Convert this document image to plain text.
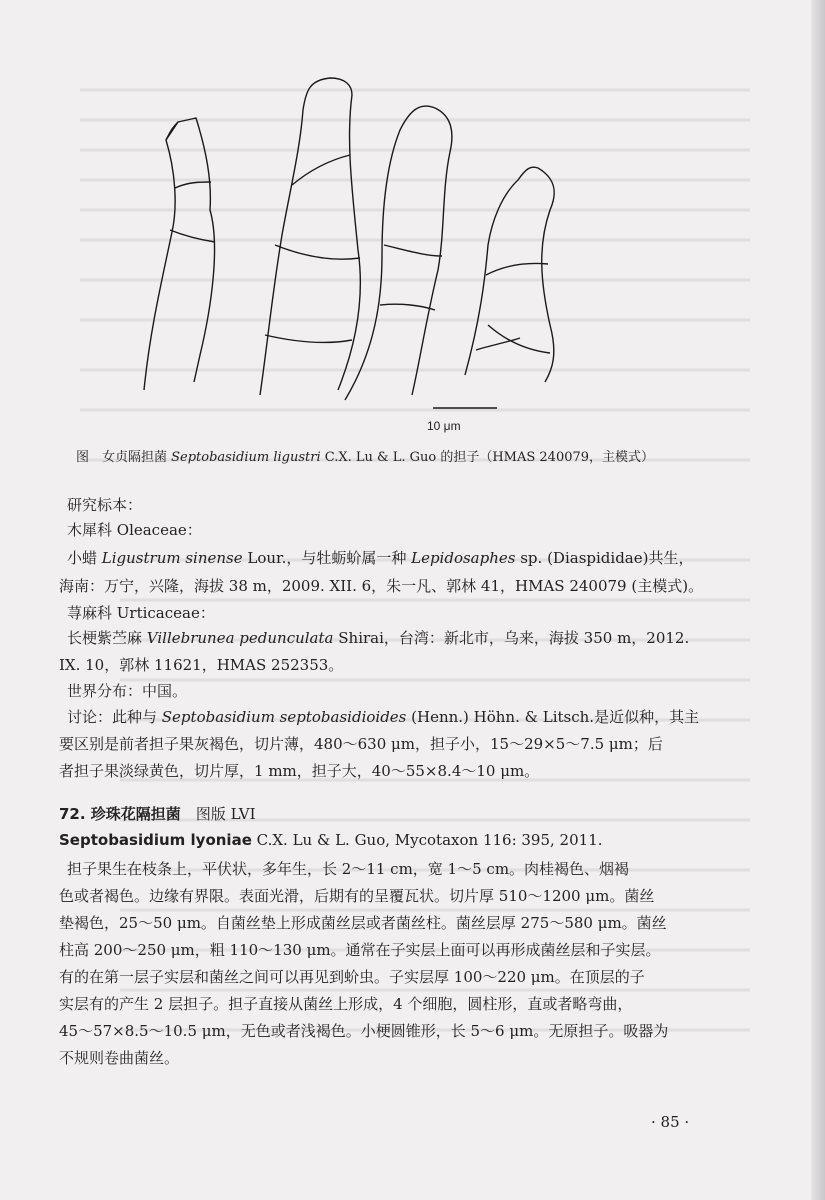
10 μm
图　女贞隔担菌 Septobasidium ligustri C.X. Lu & L. Guo 的担子（HMAS 240079，主模式）
研究标本：
木犀科 Oleaceae：
小蜡 Ligustrum sinense Lour.，与牡蛎蚧属一种 Lepidosaphes sp. (Diaspididae)共生，
海南：万宁，兴隆，海拔 38 m，2009. XII. 6，朱一凡、郭林 41，HMAS 240079 (主模式)。
荨麻科 Urticaceae：
长梗紫苎麻 Villebrunea pedunculata Shirai，台湾：新北市，乌来，海拔 350 m，2012.
IX. 10，郭林 11621，HMAS 252353。
世界分布：中国。
讨论：此种与 Septobasidium septobasidioides (Henn.) Höhn. & Litsch.是近似种，其主
要区别是前者担子果灰褐色，切片薄，480～630 μm，担子小，15～29×5～7.5 μm；后
者担子果淡绿黄色，切片厚，1 mm，担子大，40～55×8.4～10 μm。
72. 珍珠花隔担菌　 图版 LVI
Septobasidium lyoniae C.X. Lu & L. Guo, Mycotaxon 116: 395, 2011.
担子果生在枝条上，平伏状，多年生，长 2～11 cm，宽 1～5 cm。肉桂褐色、烟褐
色或者褐色。边缘有界限。表面光滑，后期有的呈覆瓦状。切片厚 510～1200 μm。菌丝
垫褐色，25～50 μm。自菌丝垫上形成菌丝层或者菌丝柱。菌丝层厚 275～580 μm。菌丝
柱高 200～250 μm，粗 110～130 μm。通常在子实层上面可以再形成菌丝层和子实层。
有的在第一层子实层和菌丝之间可以再见到蚧虫。子实层厚 100～220 μm。在顶层的子
实层有的产生 2 层担子。担子直接从菌丝上形成，4 个细胞，圆柱形，直或者略弯曲，
45～57×8.5～10.5 μm，无色或者浅褐色。小梗圆锥形，长 5～6 μm。无原担子。吸器为
不规则卷曲菌丝。
· 85 ·
